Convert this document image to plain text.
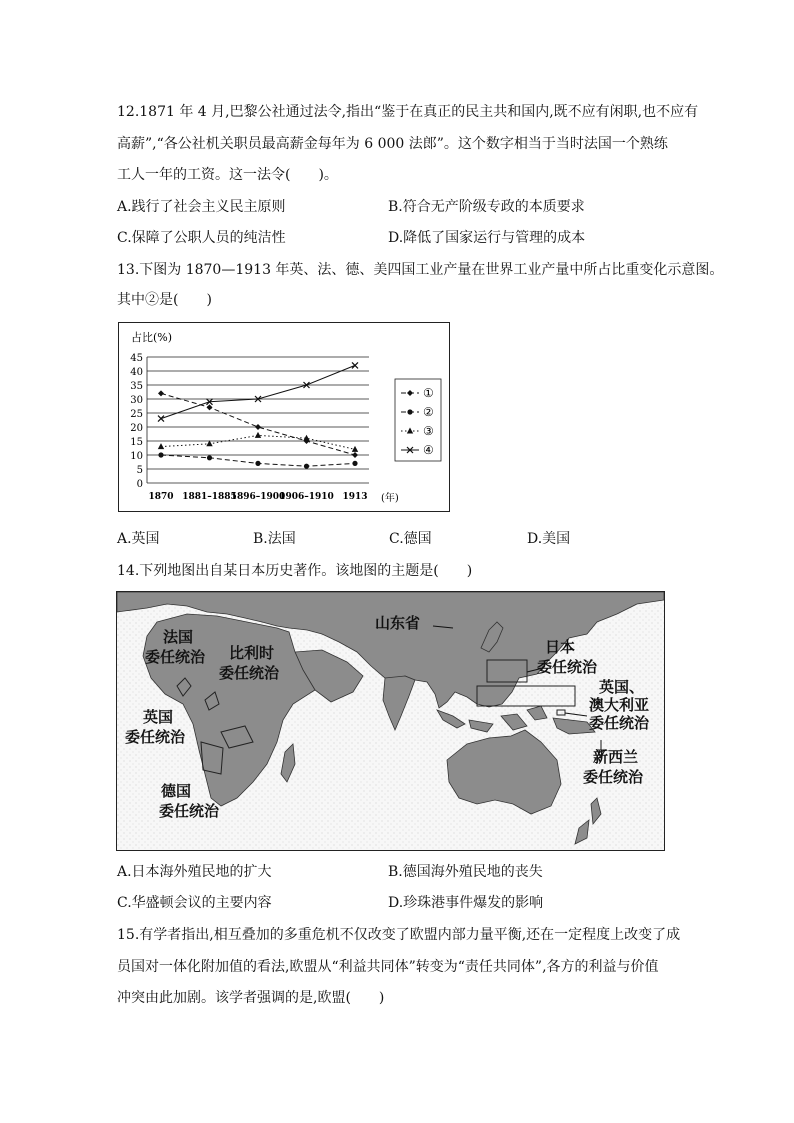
12.1871 年 4 月,巴黎公社通过法令,指出“鉴于在真正的民主共和国内,既不应有闲职,也不应有
高薪”,“各公社机关职员最高薪金每年为 6 000 法郎”。这个数字相当于当时法国一个熟练
工人一年的工资。这一法令(　　)。
A.践行了社会主义民主原则	B.符合无产阶级专政的本质要求
C.保障了公职人员的纯洁性	D.降低了国家运行与管理的成本
13.下图为 1870—1913 年英、法、德、美四国工业产量在世界工业产量中所占比重变化示意图。
其中②是(　　)
占比(%)
0
5
10
15
20
25
30
35
40
45
1870 1881–1885
1896–1900
1906–1910 1913 (年)
①
②
③
④
A.英国	B.法国	C.德国	D.美国
14.下列地图出自某日本历史著作。该地图的主题是(　　)
山东省
法国
委任统治 比利时
委任统治
英国
委任统治
德国
委任统治
日本
委任统治
英国、
澳大利亚
委任统治
新西兰
委任统治
A.日本海外殖民地的扩大	B.德国海外殖民地的丧失
C.华盛顿会议的主要内容	D.珍珠港事件爆发的影响
15.有学者指出,相互叠加的多重危机不仅改变了欧盟内部力量平衡,还在一定程度上改变了成
员国对一体化附加值的看法,欧盟从“利益共同体”转变为“责任共同体”,各方的利益与价值
冲突由此加剧。该学者强调的是,欧盟(　　)
